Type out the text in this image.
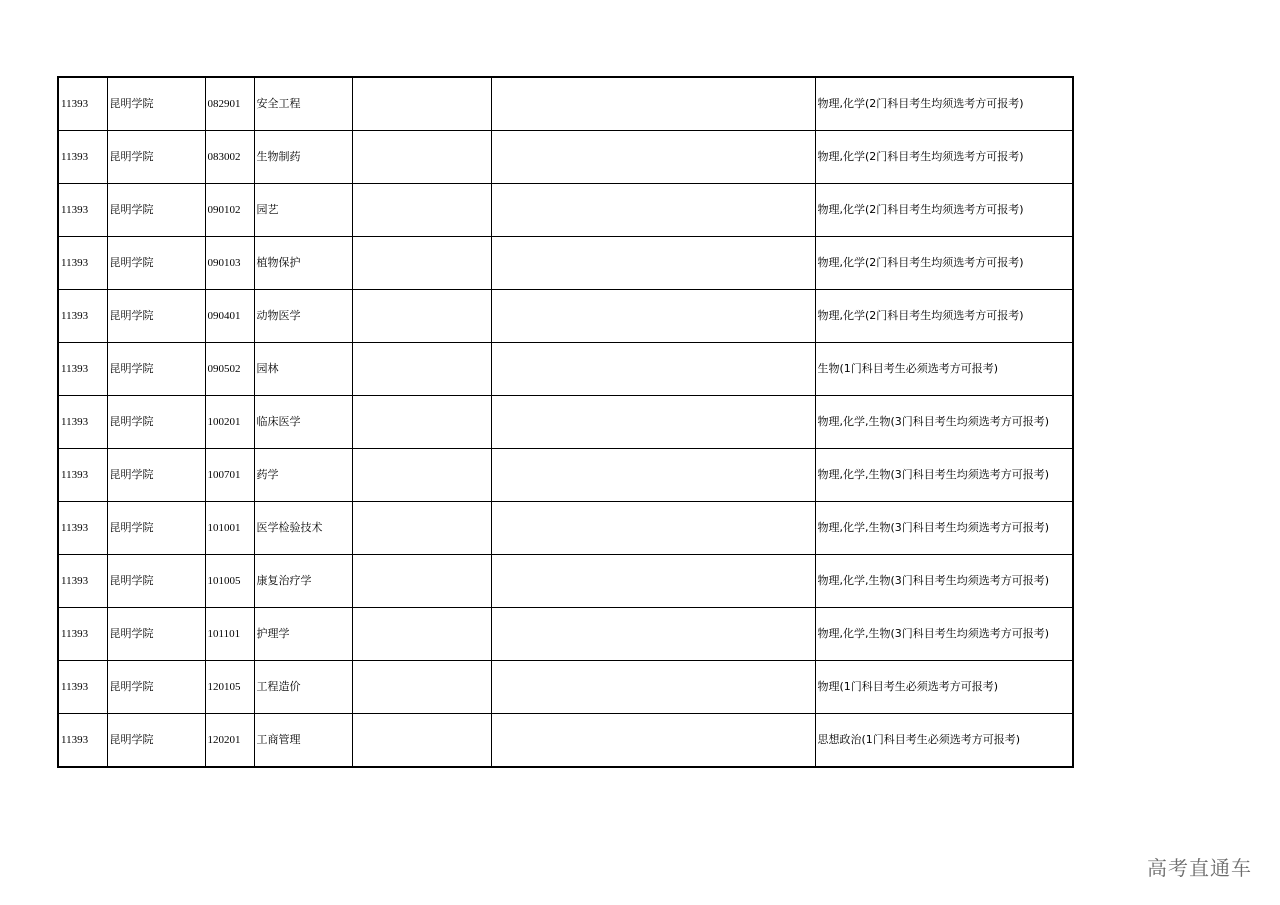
11393	昆明学院	082901	安全工程			物理,化学(2门科目考生均须选考方可报考)
11393	昆明学院	083002	生物制药			物理,化学(2门科目考生均须选考方可报考)
11393	昆明学院	090102	园艺			物理,化学(2门科目考生均须选考方可报考)
11393	昆明学院	090103	植物保护			物理,化学(2门科目考生均须选考方可报考)
11393	昆明学院	090401	动物医学			物理,化学(2门科目考生均须选考方可报考)
11393	昆明学院	090502	园林			生物(1门科目考生必须选考方可报考)
11393	昆明学院	100201	临床医学			物理,化学,生物(3门科目考生均须选考方可报考)
11393	昆明学院	100701	药学			物理,化学,生物(3门科目考生均须选考方可报考)
11393	昆明学院	101001	医学检验技术			物理,化学,生物(3门科目考生均须选考方可报考)
11393	昆明学院	101005	康复治疗学			物理,化学,生物(3门科目考生均须选考方可报考)
11393	昆明学院	101101	护理学			物理,化学,生物(3门科目考生均须选考方可报考)
11393	昆明学院	120105	工程造价			物理(1门科目考生必须选考方可报考)
11393	昆明学院	120201	工商管理			思想政治(1门科目考生必须选考方可报考)
高考直通车
